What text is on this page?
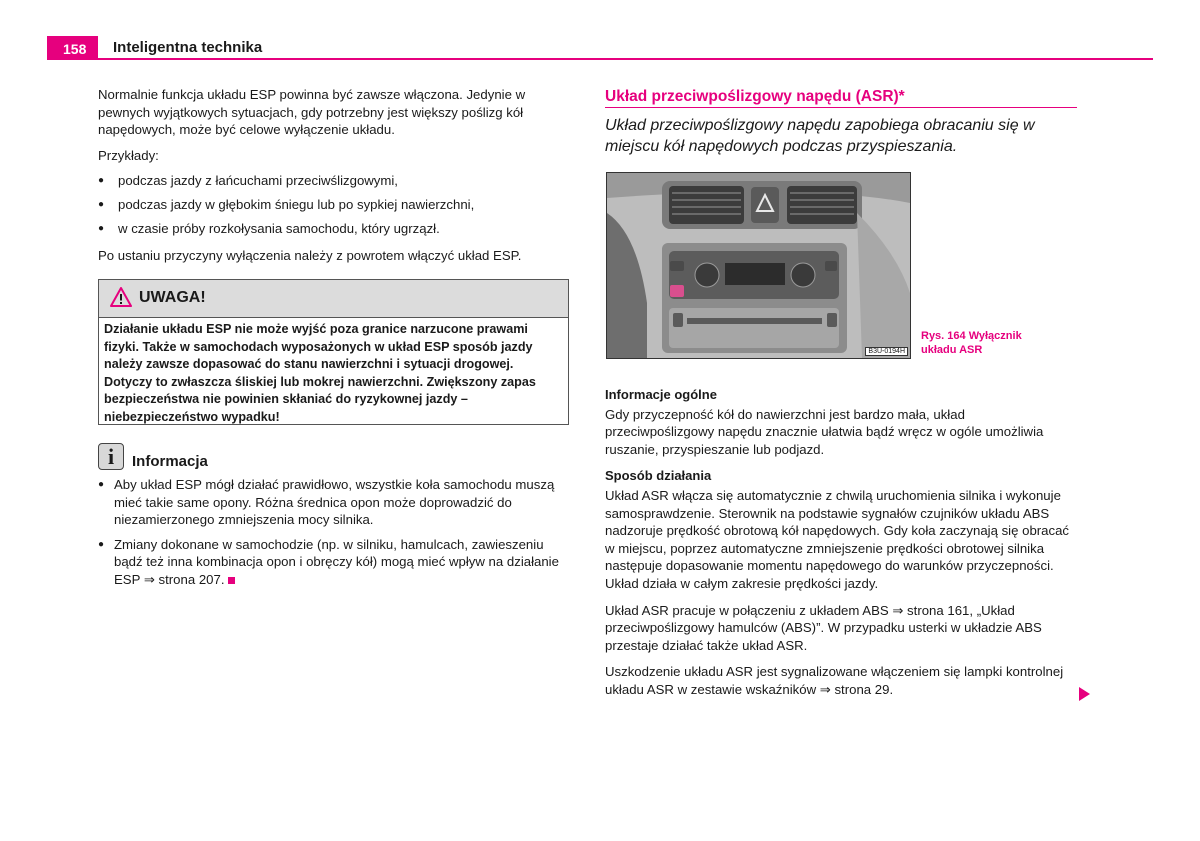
158	Inteligentna technika

Normalnie funkcja układu ESP powinna być zawsze włączona. Jedynie w pewnych wyjątkowych sytuacjach, gdy potrzebny jest większy poślizg kół napędowych, może być celowe wyłączenie układu.

Przykłady:

● podczas jazdy z łańcuchami przeciwślizgowymi,
● podczas jazdy w głębokim śniegu lub po sypkiej nawierzchni,
● w czasie próby rozkołysania samochodu, który ugrzązł.

Po ustaniu przyczyny wyłączenia należy z powrotem włączyć układ ESP.

UWAGA!
Działanie układu ESP nie może wyjść poza granice narzucone prawami fizyki. Także w samochodach wyposażonych w układ ESP sposób jazdy należy zawsze dopasować do stanu nawierzchni i sytuacji drogowej. Dotyczy to zwłaszcza śliskiej lub mokrej nawierzchni. Zwiększony zapas bezpieczeństwa nie powinien skłaniać do ryzykownej jazdy – niebezpieczeństwo wypadku!
i	Informacja
● Aby układ ESP mógł działać prawidłowo, wszystkie koła samochodu muszą mieć takie same opony. Różna średnica opon może doprowadzić do niezamierzonego zmniejszenia mocy silnika.
● Zmiany dokonane w samochodzie (np. w silniku, hamulcach, zawieszeniu bądź też inna kombinacja opon i obręczy kół) mogą mieć wpływ na działanie ESP ⇒ strona 207.
Układ przeciwpoślizgowy napędu (ASR)*
Układ przeciwpoślizgowy napędu zapobiega obracaniu się w miejscu kół napędowych podczas przyspieszania.
B3U-0194H
Rys. 164 Wyłącznik
układu ASR
Informacje ogólne

Gdy przyczepność kół do nawierzchni jest bardzo mała, układ przeciwpoślizgowy napędu znacznie ułatwia bądź wręcz w ogóle umożliwia ruszanie, przyspieszanie lub podjazd.

Sposób działania

Układ ASR włącza się automatycznie z chwilą uruchomienia silnika i wykonuje samosprawdzenie. Sterownik na podstawie sygnałów czujników układu ABS nadzoruje prędkość obrotową kół napędowych. Gdy koła zaczynają się obracać w miejscu, poprzez automatyczne zmniejszenie prędkości obrotowej silnika następuje dopasowanie momentu napędowego do warunków przyczepności. Układ działa w całym zakresie prędkości jazdy.

Układ ASR pracuje w połączeniu z układem ABS ⇒ strona 161, „Układ przeciwpoślizgowy hamulców (ABS)”. W przypadku usterki w układzie ABS przestaje działać także układ ASR.

Uszkodzenie układu ASR jest sygnalizowane włączeniem się lampki kontrolnej układu ASR w zestawie wskaźników ⇒ strona 29.
